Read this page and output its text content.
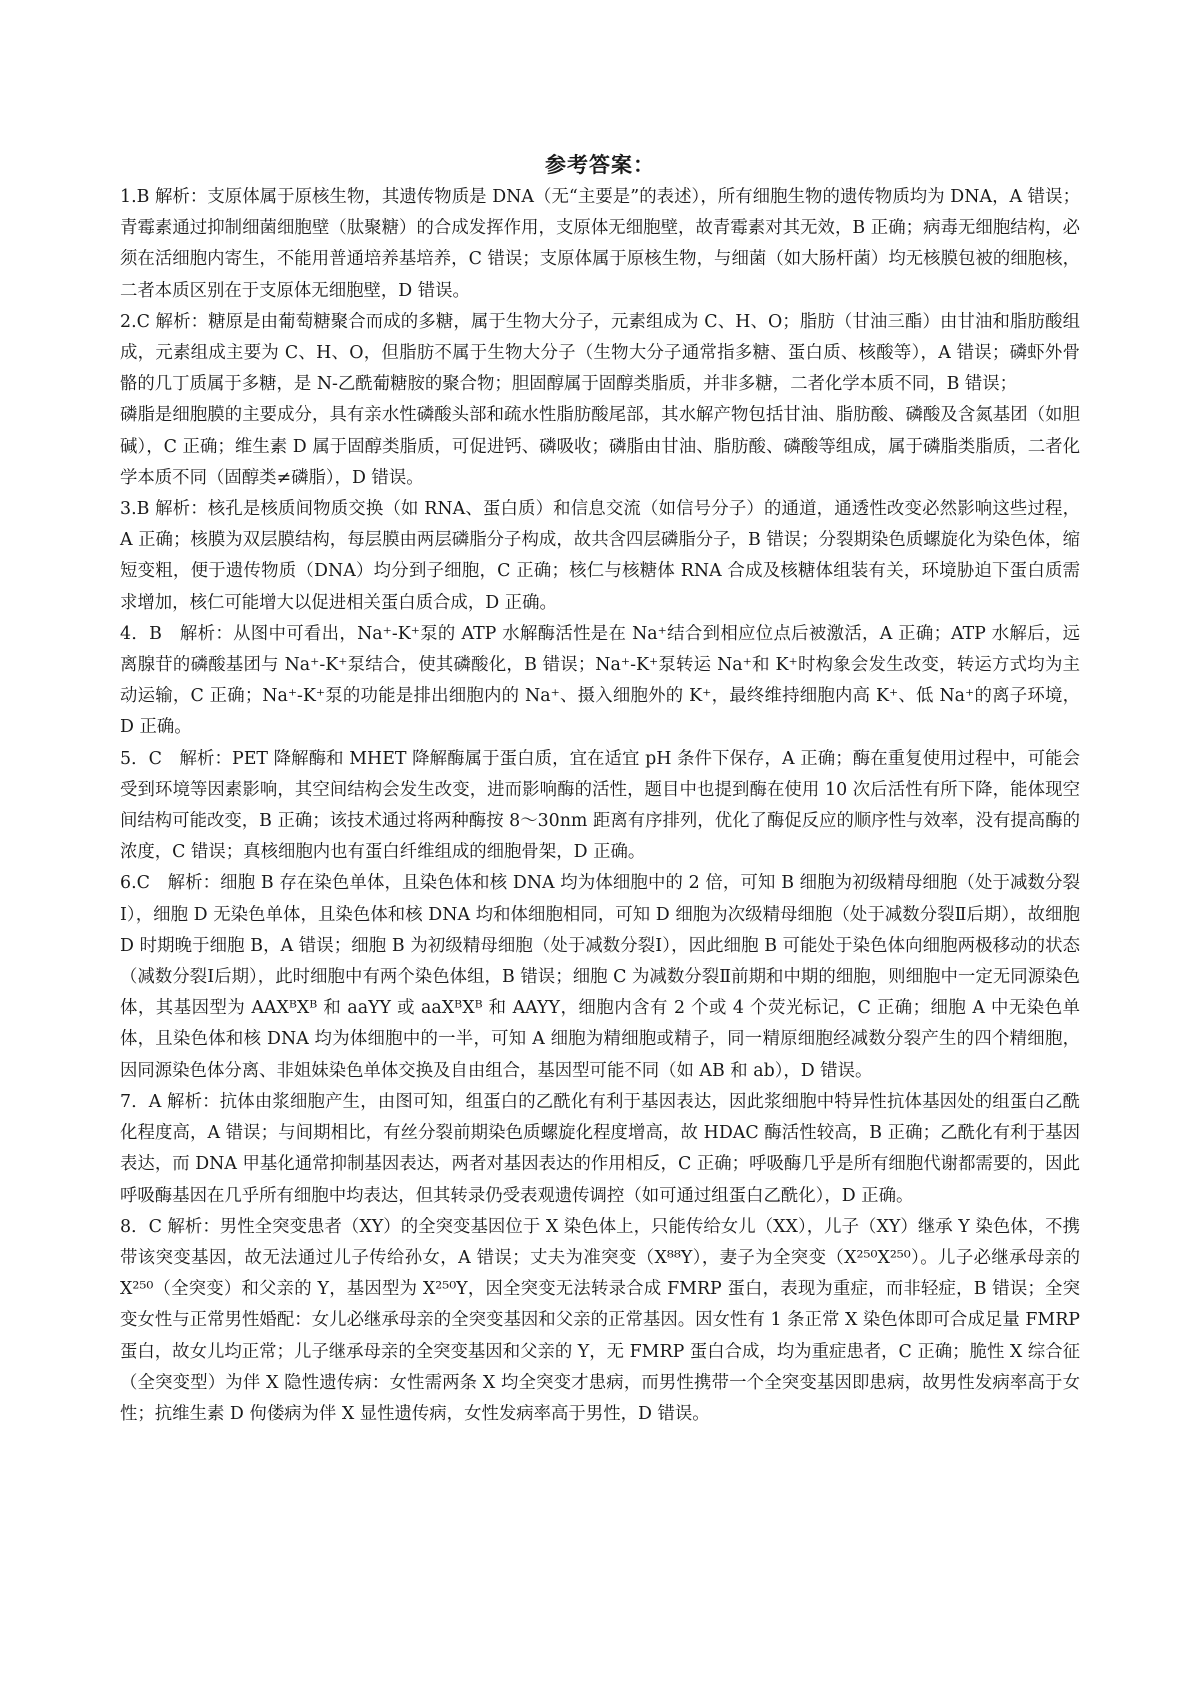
参考答案：

1.B 解析：支原体属于原核生物，其遗传物质是 DNA（无“主要是”的表述），所有细胞生物的遗传物质均为 DNA，A 错误；青霉素通过抑制细菌细胞壁（肽聚糖）的合成发挥作用，支原体无细胞壁，故青霉素对其无效，B 正确；病毒无细胞结构，必须在活细胞内寄生，不能用普通培养基培养，C 错误；支原体属于原核生物，与细菌（如大肠杆菌）均无核膜包被的细胞核，二者本质区别在于支原体无细胞壁，D 错误。

2.C 解析：糖原是由葡萄糖聚合而成的多糖，属于生物大分子，元素组成为 C、H、O；脂肪（甘油三酯）由甘油和脂肪酸组成，元素组成主要为 C、H、O，但脂肪不属于生物大分子（生物大分子通常指多糖、蛋白质、核酸等），A 错误；磷虾外骨骼的几丁质属于多糖，是 N-乙酰葡糖胺的聚合物；胆固醇属于固醇类脂质，并非多糖，二者化学本质不同，B 错误；

磷脂是细胞膜的主要成分，具有亲水性磷酸头部和疏水性脂肪酸尾部，其水解产物包括甘油、脂肪酸、磷酸及含氮基团（如胆碱），C 正确；维生素 D 属于固醇类脂质，可促进钙、磷吸收；磷脂由甘油、脂肪酸、磷酸等组成，属于磷脂类脂质，二者化学本质不同（固醇类≠磷脂），D 错误。

3.B 解析：核孔是核质间物质交换（如 RNA、蛋白质）和信息交流（如信号分子）的通道，通透性改变必然影响这些过程，A 正确；核膜为双层膜结构，每层膜由两层磷脂分子构成，故共含四层磷脂分子，B 错误；分裂期染色质螺旋化为染色体，缩短变粗，便于遗传物质（DNA）均分到子细胞，C 正确；核仁与核糖体 RNA 合成及核糖体组装有关，环境胁迫下蛋白质需求增加，核仁可能增大以促进相关蛋白质合成，D 正确。

4．B　解析：从图中可看出，Na⁺-K⁺泵的 ATP 水解酶活性是在 Na⁺结合到相应位点后被激活，A 正确；ATP 水解后，远离腺苷的磷酸基团与 Na⁺-K⁺泵结合，使其磷酸化，B 错误；Na⁺-K⁺泵转运 Na⁺和 K⁺时构象会发生改变，转运方式均为主动运输，C 正确；Na⁺-K⁺泵的功能是排出细胞内的 Na⁺、摄入细胞外的 K⁺，最终维持细胞内高 K⁺、低 Na⁺的离子环境，D 正确。

5．C　解析：PET 降解酶和 MHET 降解酶属于蛋白质，宜在适宜 pH 条件下保存，A 正确；酶在重复使用过程中，可能会受到环境等因素影响，其空间结构会发生改变，进而影响酶的活性，题目中也提到酶在使用 10 次后活性有所下降，能体现空间结构可能改变，B 正确；该技术通过将两种酶按 8～30nm 距离有序排列，优化了酶促反应的顺序性与效率，没有提高酶的浓度，C 错误；真核细胞内也有蛋白纤维组成的细胞骨架，D 正确。

6.C　解析：细胞 B 存在染色单体，且染色体和核 DNA 均为体细胞中的 2 倍，可知 B 细胞为初级精母细胞（处于减数分裂Ⅰ），细胞 D 无染色单体，且染色体和核 DNA 均和体细胞相同，可知 D 细胞为次级精母细胞（处于减数分裂Ⅱ后期），故细胞 D 时期晚于细胞 B，A 错误；细胞 B 为初级精母细胞（处于减数分裂Ⅰ），因此细胞 B 可能处于染色体向细胞两极移动的状态（减数分裂Ⅰ后期），此时细胞中有两个染色体组，B 错误；细胞 C 为减数分裂Ⅱ前期和中期的细胞，则细胞中一定无同源染色体，其基因型为 AAXᴮXᴮ 和 aaYY 或 aaXᴮXᴮ 和 AAYY，细胞内含有 2 个或 4 个荧光标记，C 正确；细胞 A 中无染色单体，且染色体和核 DNA 均为体细胞中的一半，可知 A 细胞为精细胞或精子，同一精原细胞经减数分裂产生的四个精细胞，因同源染色体分离、非姐妹染色单体交换及自由组合，基因型可能不同（如 AB 和 ab），D 错误。

7．A 解析：抗体由浆细胞产生，由图可知，组蛋白的乙酰化有利于基因表达，因此浆细胞中特异性抗体基因处的组蛋白乙酰化程度高，A 错误；与间期相比，有丝分裂前期染色质螺旋化程度增高，故 HDAC 酶活性较高，B 正确；乙酰化有利于基因表达，而 DNA 甲基化通常抑制基因表达，两者对基因表达的作用相反，C 正确；呼吸酶几乎是所有细胞代谢都需要的，因此呼吸酶基因在几乎所有细胞中均表达，但其转录仍受表观遗传调控（如可通过组蛋白乙酰化），D 正确。

8．C 解析：男性全突变患者（XY）的全突变基因位于 X 染色体上，只能传给女儿（XX），儿子（XY）继承 Y 染色体，不携带该突变基因，故无法通过儿子传给孙女，A 错误；丈夫为准突变（X⁸⁸Y），妻子为全突变（X²⁵⁰X²⁵⁰）。儿子必继承母亲的 X²⁵⁰（全突变）和父亲的 Y，基因型为 X²⁵⁰Y，因全突变无法转录合成 FMRP 蛋白，表现为重症，而非轻症，B 错误；全突变女性与正常男性婚配：女儿必继承母亲的全突变基因和父亲的正常基因。因女性有 1 条正常 X 染色体即可合成足量 FMRP 蛋白，故女儿均正常；儿子继承母亲的全突变基因和父亲的 Y，无 FMRP 蛋白合成，均为重症患者，C 正确；脆性 X 综合征（全突变型）为伴 X 隐性遗传病：女性需两条 X 均全突变才患病，而男性携带一个全突变基因即患病，故男性发病率高于女性；抗维生素 D 佝偻病为伴 X 显性遗传病，女性发病率高于男性，D 错误。
